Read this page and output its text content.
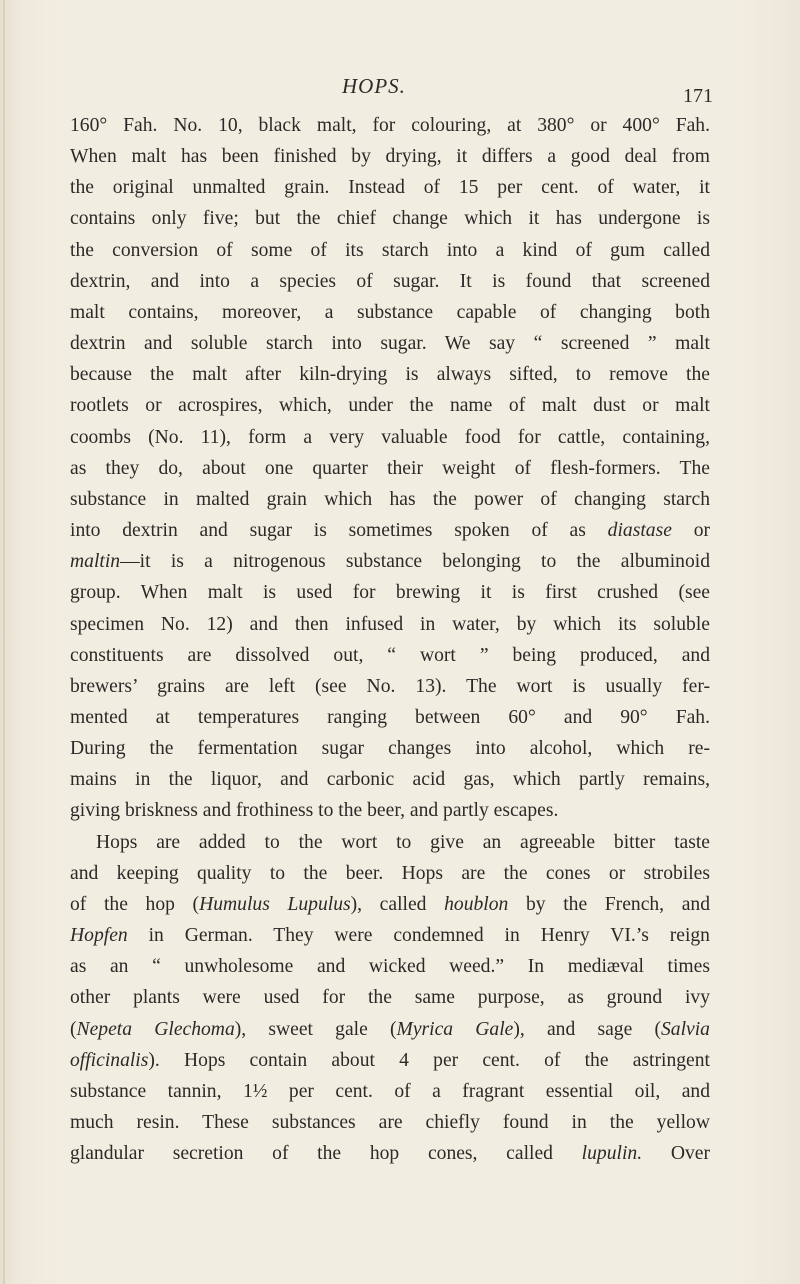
HOPS.	171

160° Fah. No. 10, black malt, for colouring, at 380° or 400° Fah.
When malt has been finished by drying, it differs a good deal from
the original unmalted grain. Instead of 15 per cent. of water, it
contains only five; but the chief change which it has undergone is
the conversion of some of its starch into a kind of gum called
dextrin, and into a species of sugar. It is found that screened
malt contains, moreover, a substance capable of changing both
dextrin and soluble starch into sugar. We say “ screened ” malt
because the malt after kiln-drying is always sifted, to remove the
rootlets or acrospires, which, under the name of malt dust or malt
coombs (No. 11), form a very valuable food for cattle, containing,
as they do, about one quarter their weight of flesh-formers. The
substance in malted grain which has the power of changing starch
into dextrin and sugar is sometimes spoken of as diastase or
maltin—it is a nitrogenous substance belonging to the albuminoid
group. When malt is used for brewing it is first crushed (see
specimen No. 12) and then infused in water, by which its soluble
constituents are dissolved out, “ wort ” being produced, and
brewers’ grains are left (see No. 13). The wort is usually fer-
mented at temperatures ranging between 60° and 90° Fah.
During the fermentation sugar changes into alcohol, which re-
mains in the liquor, and carbonic acid gas, which partly remains,
giving briskness and frothiness to the beer, and partly escapes.

Hops are added to the wort to give an agreeable bitter taste
and keeping quality to the beer. Hops are the cones or strobiles
of the hop (Humulus Lupulus), called houblon by the French, and
Hopfen in German. They were condemned in Henry VI.’s reign
as an “ unwholesome and wicked weed.” In mediæval times
other plants were used for the same purpose, as ground ivy
(Nepeta Glechoma), sweet gale (Myrica Gale), and sage (Salvia
officinalis). Hops contain about 4 per cent. of the astringent
substance tannin, 1½ per cent. of a fragrant essential oil, and
much resin. These substances are chiefly found in the yellow
glandular secretion of the hop cones, called lupulin. Over
